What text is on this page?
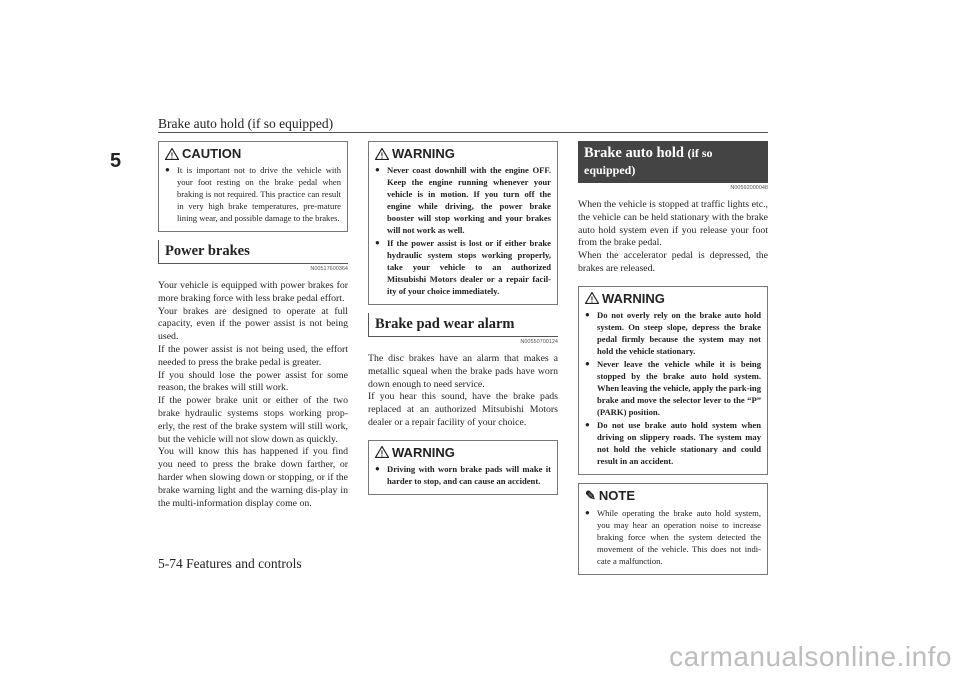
Brake auto hold (if so equipped)
5
5-74 Features and controls
! CAUTION
● It is important not to drive the vehicle with your foot resting on the brake pedal when braking is not required. This practice can result in very high brake temperatures, pre-mature lining wear, and possible damage to the brakes.
Power brakes
N00517600364

Your vehicle is equipped with power brakes for more braking force with less brake pedal effort.

Your brakes are designed to operate at full capacity, even if the power assist is not being used.

If the power assist is not being used, the effort needed to press the brake pedal is greater.

If you should lose the power assist for some reason, the brakes will still work.

If the power brake unit or either of the two brake hydraulic systems stops working prop-erly, the rest of the brake system will still work, but the vehicle will not slow down as quickly.

You will know this has happened if you find you need to press the brake down farther, or harder when slowing down or stopping, or if the brake warning light and the warning dis-play in the multi-information display come on.

! WARNING
● Never coast downhill with the engine OFF. Keep the engine running whenever your vehicle is in motion. If you turn off the engine while driving, the power brake booster will stop working and your brakes will not work as well.
● If the power assist is lost or if either brake hydraulic system stops working properly, take your vehicle to an authorized Mitsubishi Motors dealer or a repair facil-ity of your choice immediately.
Brake pad wear alarm
N00550700124

The disc brakes have an alarm that makes a metallic squeal when the brake pads have worn down enough to need service.

If you hear this sound, have the brake pads replaced at an authorized Mitsubishi Motors dealer or a repair facility of your choice.

! WARNING
● Driving with worn brake pads will make it harder to stop, and can cause an accident.
Brake auto hold (if so equipped)
N00592000048

When the vehicle is stopped at traffic lights etc., the vehicle can be held stationary with the brake auto hold system even if you release your foot from the brake pedal.

When the accelerator pedal is depressed, the brakes are released.

! WARNING
● Do not overly rely on the brake auto hold system. On steep slope, depress the brake pedal firmly because the system may not hold the vehicle stationary.
● Never leave the vehicle while it is being stopped by the brake auto hold system. When leaving the vehicle, apply the park-ing brake and move the selector lever to the “P” (PARK) position.
● Do not use brake auto hold system when driving on slippery roads. The system may not hold the vehicle stationary and could result in an accident.
✎ NOTE
● While operating the brake auto hold system, you may hear an operation noise to increase braking force when the system detected the movement of the vehicle. This does not indi-cate a malfunction.
carmanualsonline.info
